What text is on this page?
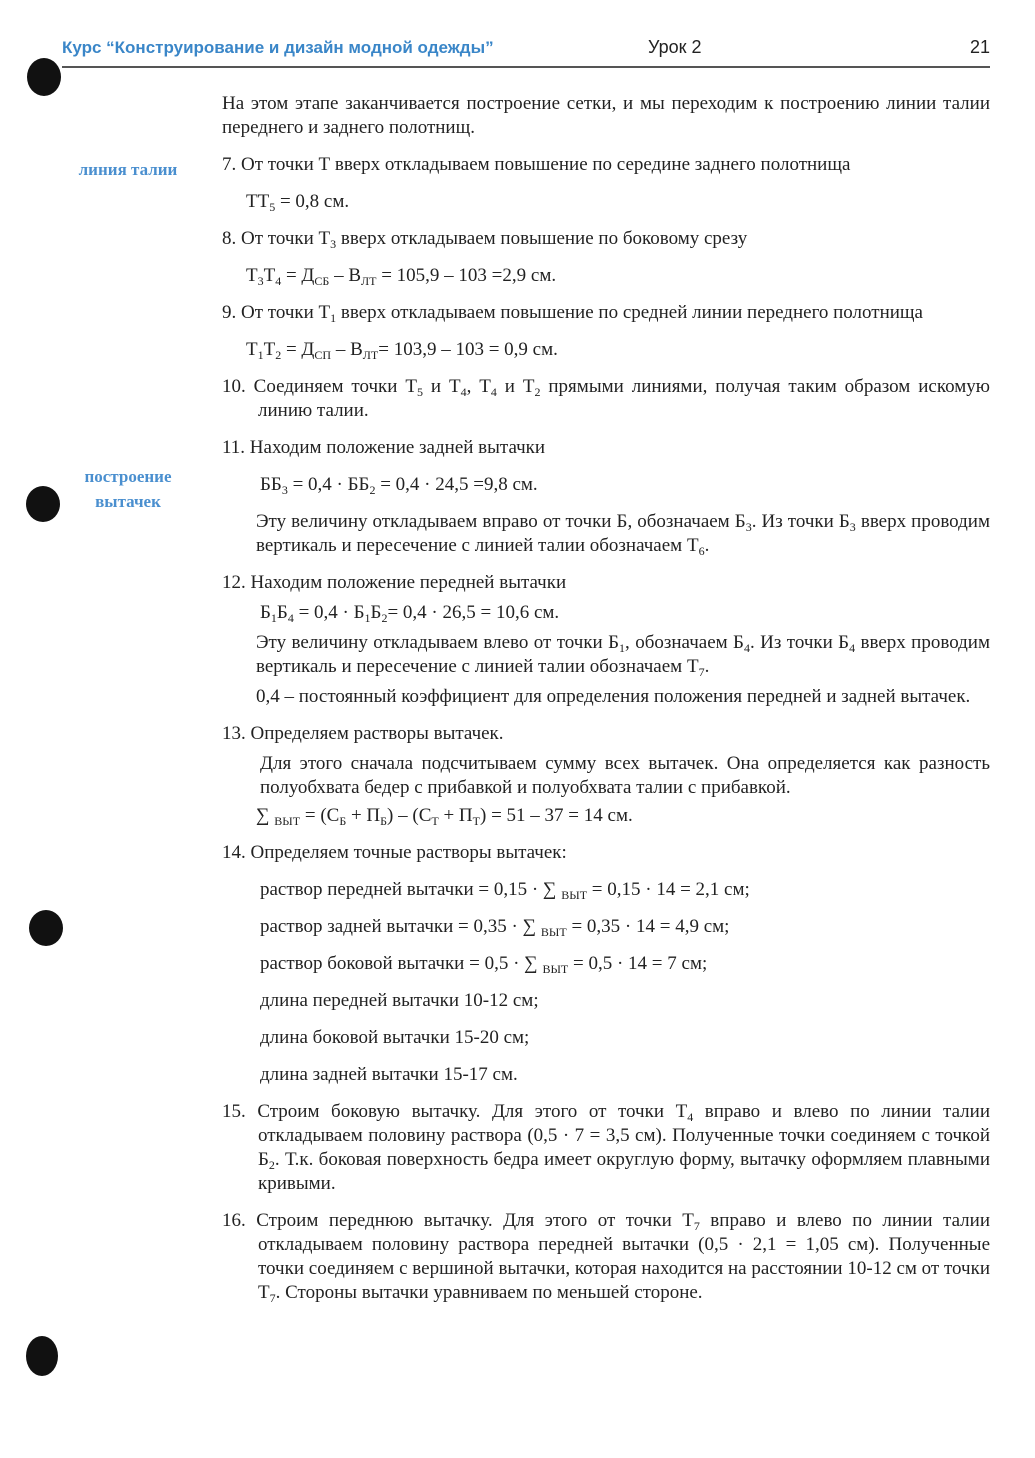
Курс “Конструирование и дизайн модной одежды”	Урок 2	21
линия талии
построение
вытачек

На этом этапе заканчивается построение сетки, и мы переходим к построению линии талии переднего и заднего полотнищ.

7. От точки Т вверх откладываем повышение по середине заднего полотнища

$ТТ_5 = 0,8$ см.

8. От точки $Т_3$ вверх откладываем повышение по боковому срезу

$Т_3Т_4 = Д_{СБ} - В_{ЛТ} = 105,9 - 103 =2,9$ см.

9. От точки $Т_1$ вверх откладываем повышение по средней линии переднего полотнища

$Т_1Т_2 = Д_{СП} - В_{ЛТ}= 103,9 - 103 = 0,9$ см.

10. Соединяем точки $Т_5$ и $Т_4$, $Т_4$ и $Т_2$ прямыми линиями, получая таким образом искомую линию талии.

11. Находим положение задней вытачки

$ББ_3 = 0,4 \cdot ББ_2 = 0,4 \cdot 24,5 =9,8$ см.

Эту величину откладываем вправо от точки Б, обозначаем $Б_3$. Из точки $Б_3$ вверх проводим вертикаль и пересечение с линией талии обозначаем $Т_6$.

12. Находим положение передней вытачки

$Б_1Б_4 = 0,4 \cdot Б_1Б_2= 0,4 \cdot 26,5 = 10,6$ см.

Эту величину откладываем влево от точки $Б_1$, обозначаем $Б_4$. Из точки $Б_4$ вверх проводим вертикаль и пересечение с линией талии обозначаем $Т_7$.

0,4 – постоянный коэффициент для определения положения передней и задней вытачек.

13. Определяем растворы вытачек.

Для этого сначала подсчитываем сумму всех вытачек. Она определяется как разность полуобхвата бедер с прибавкой и полуобхвата талии с прибавкой.

∑ $_{ВЫТ} = (С_Б + П_Б) - (С_Т + П_Т) = 51 - 37 = 14$ см.

14. Определяем точные растворы вытачек:

раствор передней вытачки = 0,15 · ∑ $_{ВЫТ}$ = 0,15 · 14 = 2,1 см;

раствор задней вытачки = 0,35 · ∑ $_{ВЫТ}$ = 0,35 · 14 = 4,9 см;

раствор боковой вытачки = 0,5 · ∑ $_{ВЫТ}$ = 0,5 · 14 = 7 см;

длина передней вытачки 10-12 см;

длина боковой вытачки 15-20 см;

длина задней вытачки 15-17 см.

15. Строим боковую вытачку. Для этого от точки $Т_4$ вправо и влево по линии талии откладываем половину раствора (0,5 · 7 = 3,5 см). Полученные точки соединяем с точкой $Б_2$. Т.к. боковая поверхность бедра имеет округлую форму, вытачку оформляем плавными кривыми.

16. Строим переднюю вытачку. Для этого от точки $Т_7$ вправо и влево по линии талии откладываем половину раствора передней вытачки (0,5 · 2,1 = 1,05 см). Полученные точки соединяем с вершиной вытачки, которая находится на расстоянии 10-12 см от точки $Т_7$. Стороны вытачки уравниваем по меньшей стороне.
